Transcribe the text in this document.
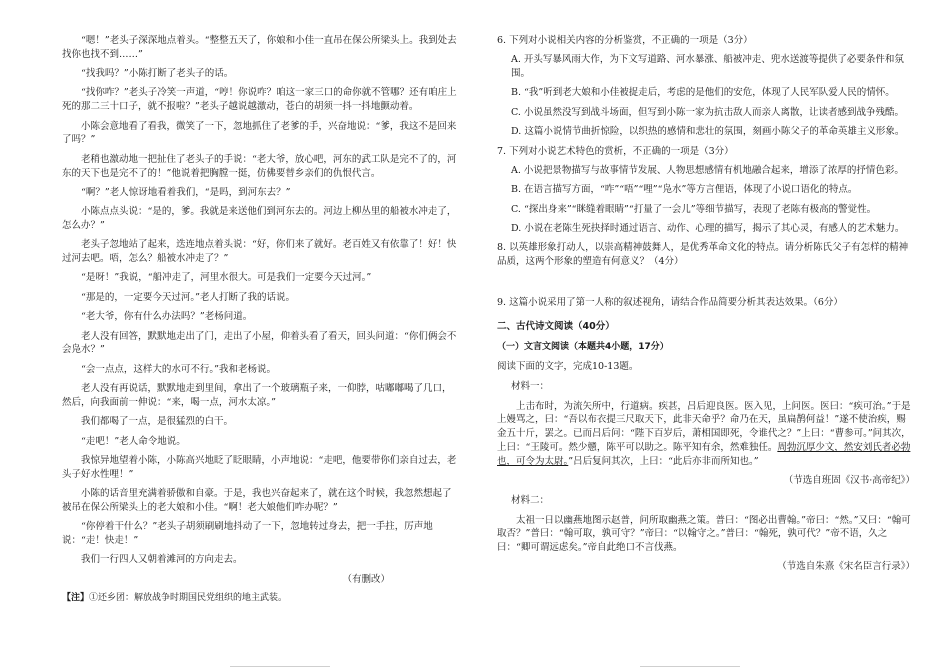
“嗯！”老头子深深地点着头。“整整五天了，你娘和小佳一直吊在保公所梁头上。我到处去找你也找不到……”

“找我吗？”小陈打断了老头子的话。

“找你咋？”老头子冷笑一声道，“哼！你说咋？咱这一家三口的命你就不管哪？还有咱庄上死的那二三十口子，就不报啦？”老头子越说越激动，苍白的胡须一抖一抖地颤动着。

小陈会意地看了看我，微笑了一下，忽地抓住了老爹的手，兴奋地说：“爹，我这不是回来了吗？”

老稍也激动地一把扯住了老头子的手说：“老大爷，放心吧，河东的武工队是完不了的，河东的天下也是完不了的！”他说着把胸膛一挺，仿佛要替乡亲们的仇恨代言。

“啊？”老人惊讶地看着我们，“是吗，到河东去？”

小陈点点头说：“是的，爹。我就是来送他们到河东去的。河边上柳丛里的船被水冲走了，怎么办？”

老头子忽地站了起来，迭连地点着头说：“好，你们来了就好。老百姓又有依靠了！好！快过河去吧。唔，怎么？船被水冲走了？”

“是呀！”我说，“船冲走了，河里水很大。可是我们一定要今天过河。”

“那是的，一定要今天过河。”老人打断了我的话说。

“老大爷，你有什么办法吗？”老杨问道。

老人没有回答，默默地走出了门，走出了小屋，仰着头看了看天，回头问道：“你们俩会不会凫水？”

“会一点点，这样大的水可不行。”我和老杨说。

老人没有再说话，默默地走到里间，拿出了一个玻璃瓶子来，一仰脖，咕嘟嘟喝了几口，然后，向我面前一伸说：“来，喝一点，河水太凉。”

我们都喝了一点，是很猛烈的白干。

“走吧！”老人命令地说。

我惊异地望着小陈，小陈高兴地眨了眨眼睛，小声地说：“走吧，他要带你们亲自过去，老头子好水性哩！”

小陈的话音里充满着骄傲和自豪。于是，我也兴奋起来了，就在这个时候，我忽然想起了被吊在保公所梁头上的老大娘和小佳。“啊！老大娘他们咋办呢？”

“你停着干什么？”老头子胡须刷刷地抖动了一下，忽地转过身去，把一手拄，厉声地说：“走！快走！”

我们一行四人又朝着滩河的方向走去。

（有删改）

【注】①还乡团：解放战争时期国民党组织的地主武装。

6. 下列对小说相关内容的分析鉴赏，不正确的一项是（3分）

A. 开头写暴风雨大作，为下文写道路、河水暴涨、船被冲走、兜水送渡等提供了必要条件和氛围。

B. “我”听到老大娘和小佳被捉走后，考虑的是他们的安危，体现了人民军队爱人民的情怀。

C. 小说虽然没写到战斗场面，但写到小陈一家为抗击敌人而亲人离散，让读者感到战争残酷。

D. 这篇小说情节曲折惊险，以织热的感情和悲壮的氛围，刻画小陈父子的革命英雄主义形象。

7. 下列对小说艺术特色的赏析，不正确的一项是（3分）

A. 小说把景物描写与故事情节发展、人物思想感情有机地融合起来，增添了浓厚的抒情色彩。

B. 在语言描写方面，“咋”“唔”“哩”“凫水”等方言俚语，体现了小说口语化的特点。

C. “探出身来”“眯缝着眼睛”“打量了一会儿”等细节描写，表现了老陈有极高的警觉性。

D. 小说在老陈生死抉择时通过语言、动作、心理的描写，揭示了其心灵，有感人的艺术魅力。

8. 以英雄形象打动人，以崇高精神鼓舞人，是优秀革命文化的特点。请分析陈氏父子有怎样的精神品质，这两个形象的塑造有何意义？（4分）

9. 这篇小说采用了第一人称的叙述视角，请结合作品简要分析其表达效果。（6分）

二、古代诗文阅读（40分）
（一）文言文阅读（本题共4小题，17分）

阅读下面的文字，完成10-13题。

材料一：

上击布时，为流矢所中，行道病。疾甚，吕后迎良医。医入见，上问医。医曰：“疾可治。”于是上嫚骂之，曰：“吾以布衣提三尺取天下，此非天命乎？命乃在天，虽扁鹊何益！”遂不使治疾，赐金五十斤，罢之。已而吕后问：“陛下百岁后，萧相国即死，令谁代之？”上曰：“曹参可。”问其次，上曰：“王陵可。然少戆，陈平可以助之。陈平知有余，然难独任。周勃沉厚少文，然安刘氏者必勃也，可令为太尉。”吕后复问其次，上曰：“此后亦非而所知也。”

（节选自班固《汉书·高帝纪》）

材料二：

太祖一日以幽燕地图示赵普，问所取幽燕之策。普曰：“图必出曹翰。”帝曰：“然。”又曰：“翰可取否？”普曰：“翰可取，孰可守？”帝曰：“以翰守之。”普曰：“翰死，孰可代？”帝不语，久之曰：“卿可谓远虑矣。”帝自此绝口不言伐燕。

（节选自朱熹《宋名臣言行录》）
